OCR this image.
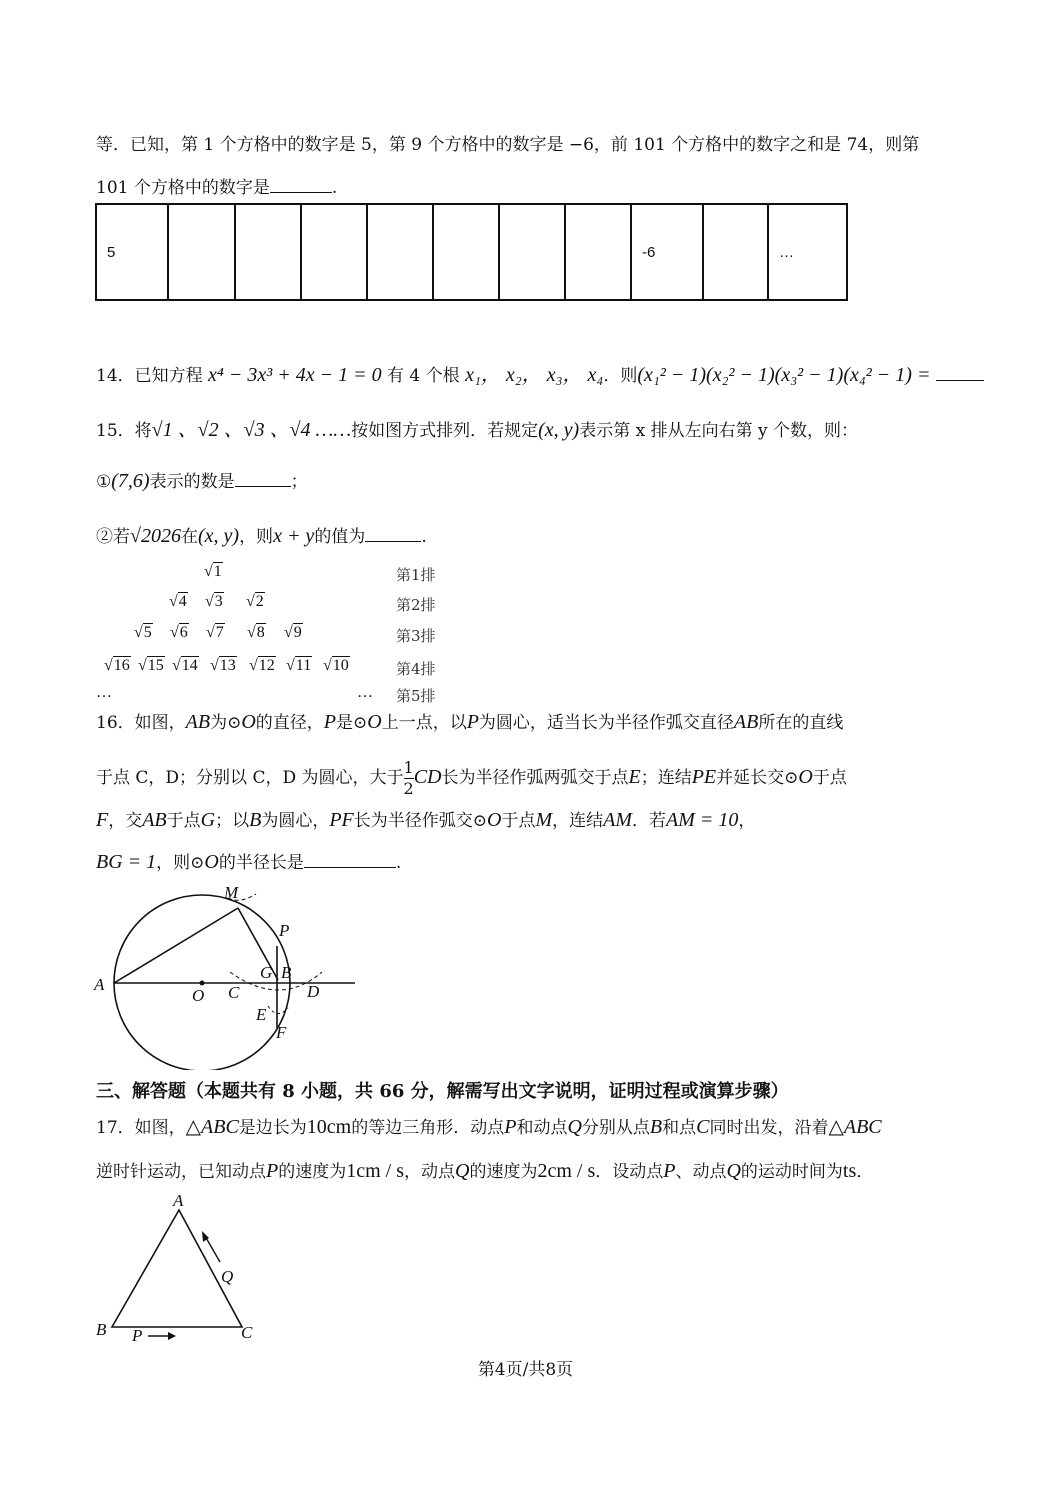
等．已知，第 1 个方格中的数字是 5，第 9 个方格中的数字是 −6，前 101 个方格中的数字之和是 74，则第
101 个方格中的数字是	.
5								-6		…
14．已知方程 x⁴ − 3x³ + 4x − 1 = 0 有 4 个根 x₁， x₂， x₃， x₄．则(x₁² − 1)(x₂² − 1)(x₃² − 1)(x₄² − 1) =
15．将√1 、√2 、√3 、√4 ……按如图方式排列．若规定(x, y)表示第 x 排从左向右第 y 个数，则：
①(7,6)表示的数是	；
②若√2026在(x, y)，则x + y的值为	.
√1	第1排
√4 √3 √2	第2排
√5 √6 √7 √8 √9	第3排
√16 √15 √14 √13 √12 √11 √10	第4排
…	… 第5排
16．如图，AB为⊙O的直径，P是⊙O上一点，以P为圆心，适当长为半径作弧交直径AB所在的直线
于点 C，D；分别以 C，D 为圆心，大于 $\frac{1}{2}$ CD长为半径作弧两弧交于点E；连结PE并延长交⊙O于点
F，交AB于点G；以B为圆心，PF长为半径作弧交⊙O于点M，连结AM．若AM = 10，
BG = 1，则⊙O的半径长是	.
A
O C
G B
D
E
F
P
M
三、解答题（本题共有 8 小题，共 66 分，解需写出文字说明，证明过程或演算步骤）
17．如图，△ABC是边长为10cm的等边三角形．动点P和动点Q分别从点B和点C同时出发，沿着△ABC
逆时针运动，已知动点P的速度为1cm / s，动点Q的速度为2cm / s．设动点P、动点Q的运动时间为ts．
A
B	C
P
Q
第4页/共8页
